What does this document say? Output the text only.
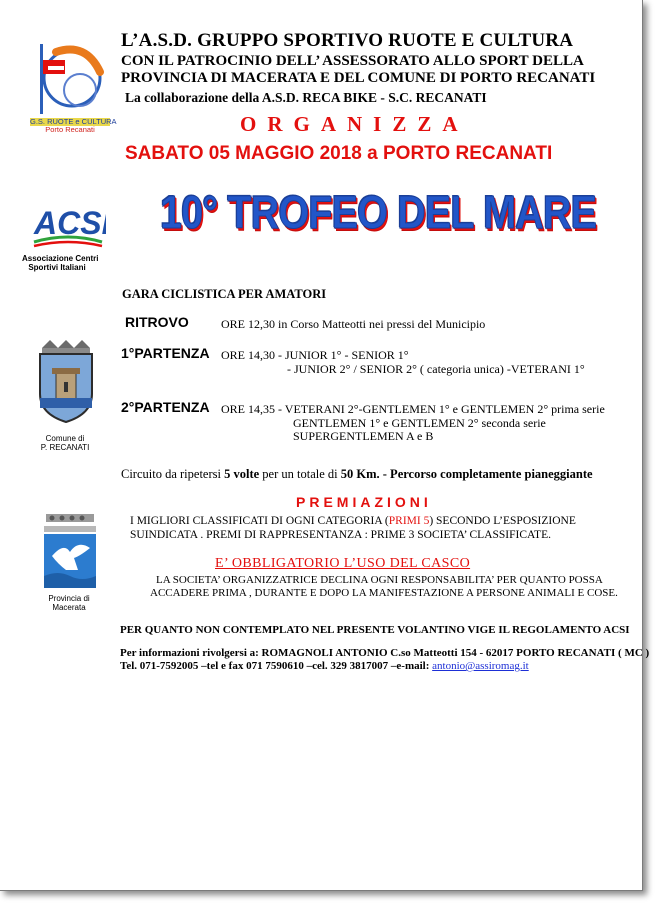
G.S. RUOTE e CULTURA
Porto Recanati
L’A.S.D. GRUPPO SPORTIVO RUOTE E CULTURA
CON IL PATROCINIO DELL’ ASSESSORATO ALLO SPORT DELLA
PROVINCIA DI MACERATA E DEL COMUNE DI PORTO RECANATI
La collaborazione della A.S.D. RECA BIKE - S.C. RECANATI
ORGANIZZA
SABATO 05 MAGGIO 2018 a PORTO RECANATI
ACSI
Associazione Centri
Sportivi Italiani
10° TROFEO DEL MARE
Comune di
P. RECANATI
GARA CICLISTICA PER AMATORI
RITROVO	ORE 12,30 in Corso Matteotti nei pressi del Municipio
1°PARTENZA ORE 14,30 - JUNIOR 1° - SENIOR 1°
- JUNIOR 2° / SENIOR 2° ( categoria unica) -VETERANI 1°
2°PARTENZA ORE 14,35 - VETERANI 2°-GENTLEMEN 1° e GENTLEMEN 2° prima serie
GENTLEMEN 1° e GENTLEMEN 2° seconda serie
SUPERGENTLEMEN A e B
Circuito da ripetersi 5 volte per un totale di 50 Km. - Percorso completamente pianeggiante
Provincia di
Macerata
PREMIAZIONI
I MIGLIORI CLASSIFICATI DI OGNI CATEGORIA (PRIMI 5) SECONDO L’ESPOSIZIONE
SUINDICATA . PREMI DI RAPPRESENTANZA : PRIME 3 SOCIETA’ CLASSIFICATE.
E’ OBBLIGATORIO L’USO DEL CASCO
LA SOCIETA’ ORGANIZZATRICE DECLINA OGNI RESPONSABILITA’ PER QUANTO POSSA
ACCADERE PRIMA , DURANTE E DOPO LA MANIFESTAZIONE A PERSONE ANIMALI E COSE.
PER QUANTO NON CONTEMPLATO NEL PRESENTE VOLANTINO VIGE IL REGOLAMENTO ACSI
Per informazioni rivolgersi a: ROMAGNOLI ANTONIO C.so Matteotti 154 - 62017 PORTO RECANATI ( MC )
Tel. 071-7592005 –tel e fax 071 7590610 –cel. 329 3817007 –e-mail: antonio@assiromag.it
